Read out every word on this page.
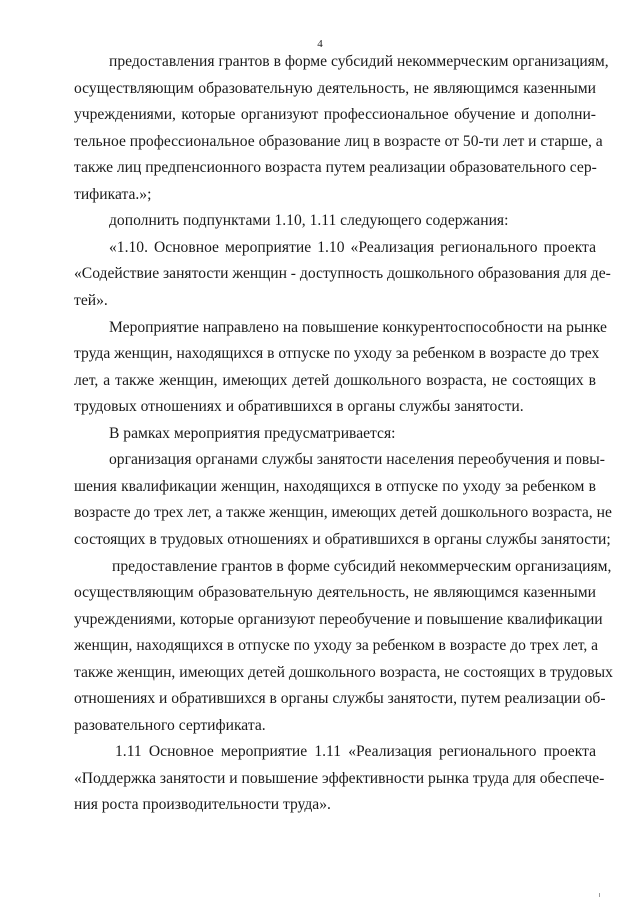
4
предоставления грантов в форме субсидий некоммерческим организациям,
осуществляющим образовательную деятельность, не являющимся казенными
учреждениями, которые организуют профессиональное обучение и дополни-
тельное профессиональное образование лиц в возрасте от 50-ти лет и старше, а
также лиц предпенсионного возраста путем реализации образовательного сер-
тификата.»;
дополнить подпунктами 1.10, 1.11 следующего содержания:
«1.10. Основное мероприятие 1.10 «Реализация регионального проекта
«Содействие занятости женщин - доступность дошкольного образования для де-
тей».
Мероприятие направлено на повышение конкурентоспособности на рынке
труда женщин, находящихся в отпуске по уходу за ребенком в возрасте до трех
лет, а также женщин, имеющих детей дошкольного возраста, не состоящих в
трудовых отношениях и обратившихся в органы службы занятости.
В рамках мероприятия предусматривается:
организация органами службы занятости населения переобучения и повы-
шения квалификации женщин, находящихся в отпуске по уходу за ребенком в
возрасте до трех лет, а также женщин, имеющих детей дошкольного возраста, не
состоящих в трудовых отношениях и обратившихся в органы службы занятости;
предоставление грантов в форме субсидий некоммерческим организациям,
осуществляющим образовательную деятельность, не являющимся казенными
учреждениями, которые организуют переобучение и повышение квалификации
женщин, находящихся в отпуске по уходу за ребенком в возрасте до трех лет, а
также женщин, имеющих детей дошкольного возраста, не состоящих в трудовых
отношениях и обратившихся в органы службы занятости, путем реализации об-
разовательного сертификата.
1.11 Основное мероприятие 1.11 «Реализация регионального проекта
«Поддержка занятости и повышение эффективности рынка труда для обеспече-
ния роста производительности труда».
